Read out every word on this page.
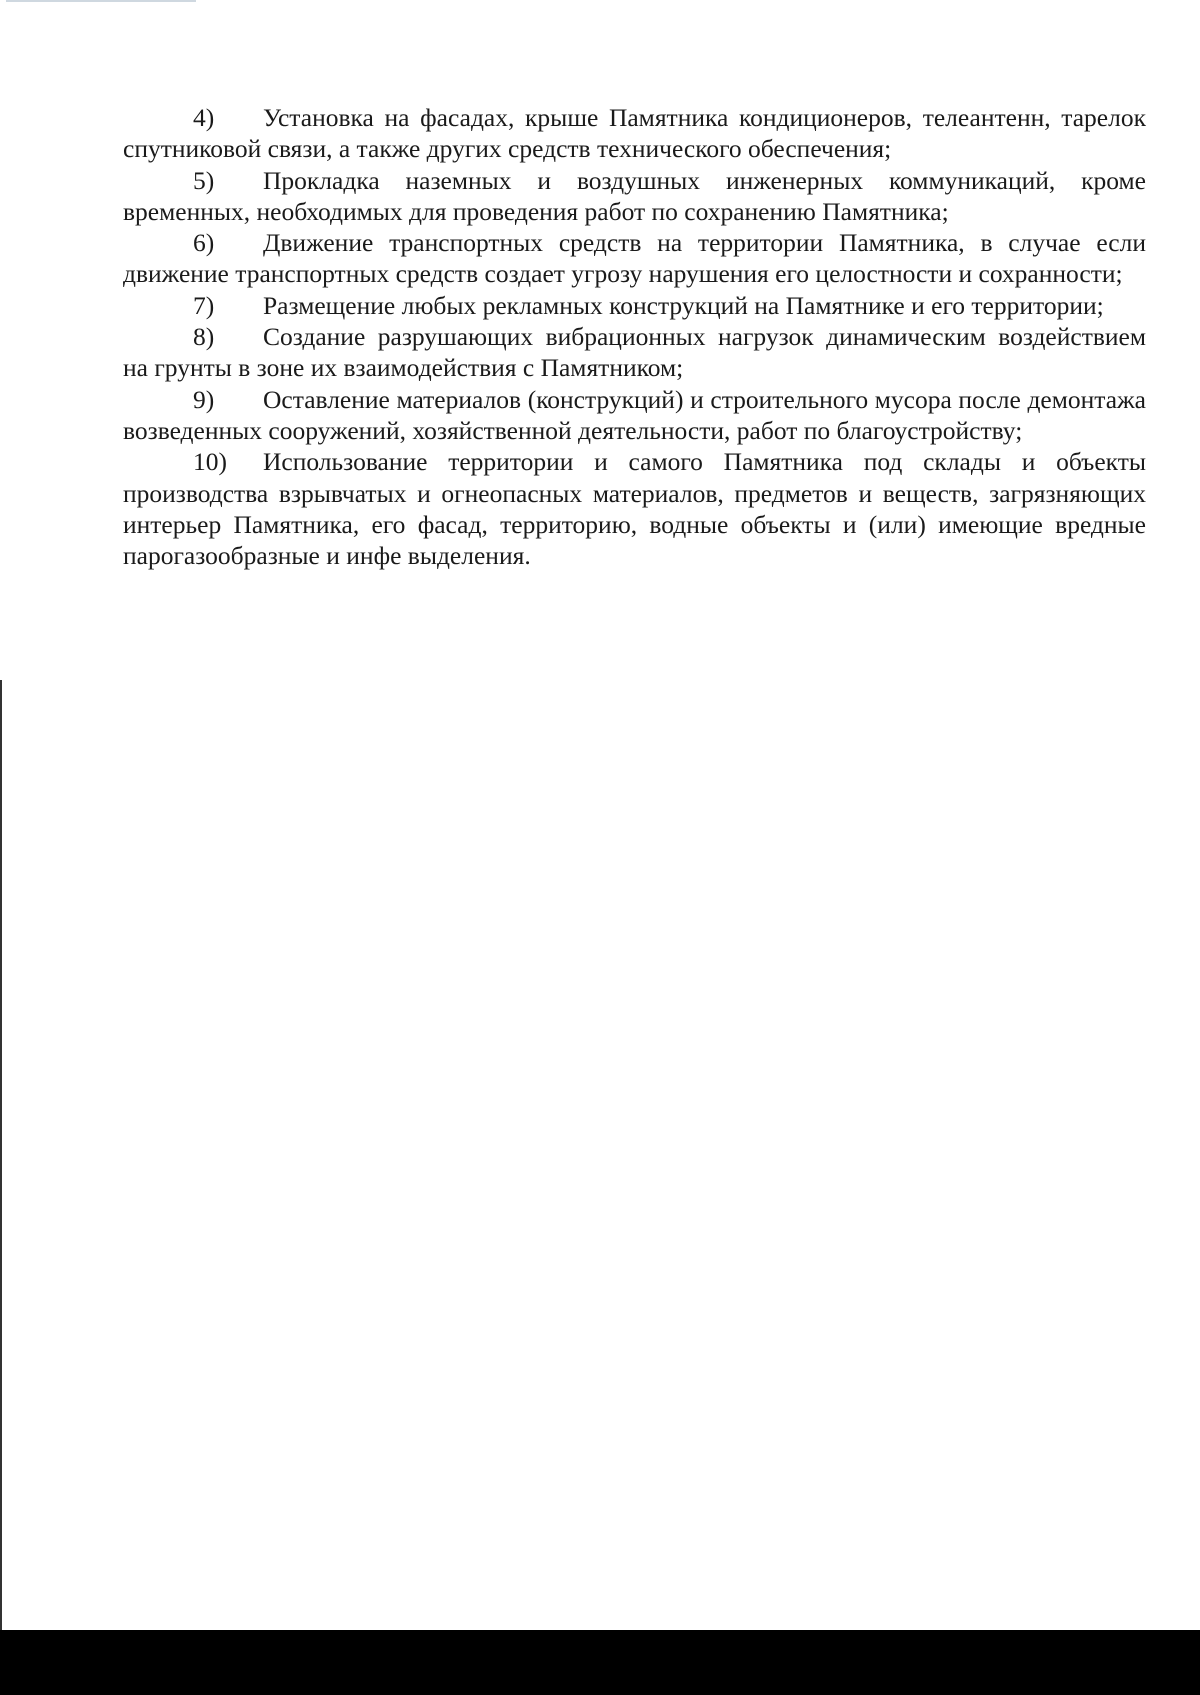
4) Установка на фасадах, крыше Памятника кондиционеров, телеантенн, тарелок спутниковой связи, а также других средств технического обеспечения;

5) Прокладка наземных и воздушных инженерных коммуникаций, кроме временных, необходимых для проведения работ по сохранению Памятника;

6) Движение транспортных средств на территории Памятника, в случае если движение транспортных средств создает угрозу нарушения его целостности и сохранности;

7) Размещение любых рекламных конструкций на Памятнике и его территории;

8) Создание разрушающих вибрационных нагрузок динамическим воздействием на грунты в зоне их взаимодействия с Памятником;

9) Оставление материалов (конструкций) и строительного мусора после демонтажа возведенных сооружений, хозяйственной деятельности, работ по благоустройству;

10) Использование территории и самого Памятника под склады и объекты производства взрывчатых и огнеопасных материалов, предметов и веществ, загрязняющих интерьер Памятника, его фасад, территорию, водные объекты и (или) имеющие вредные парогазообразные и инфе выделения.
